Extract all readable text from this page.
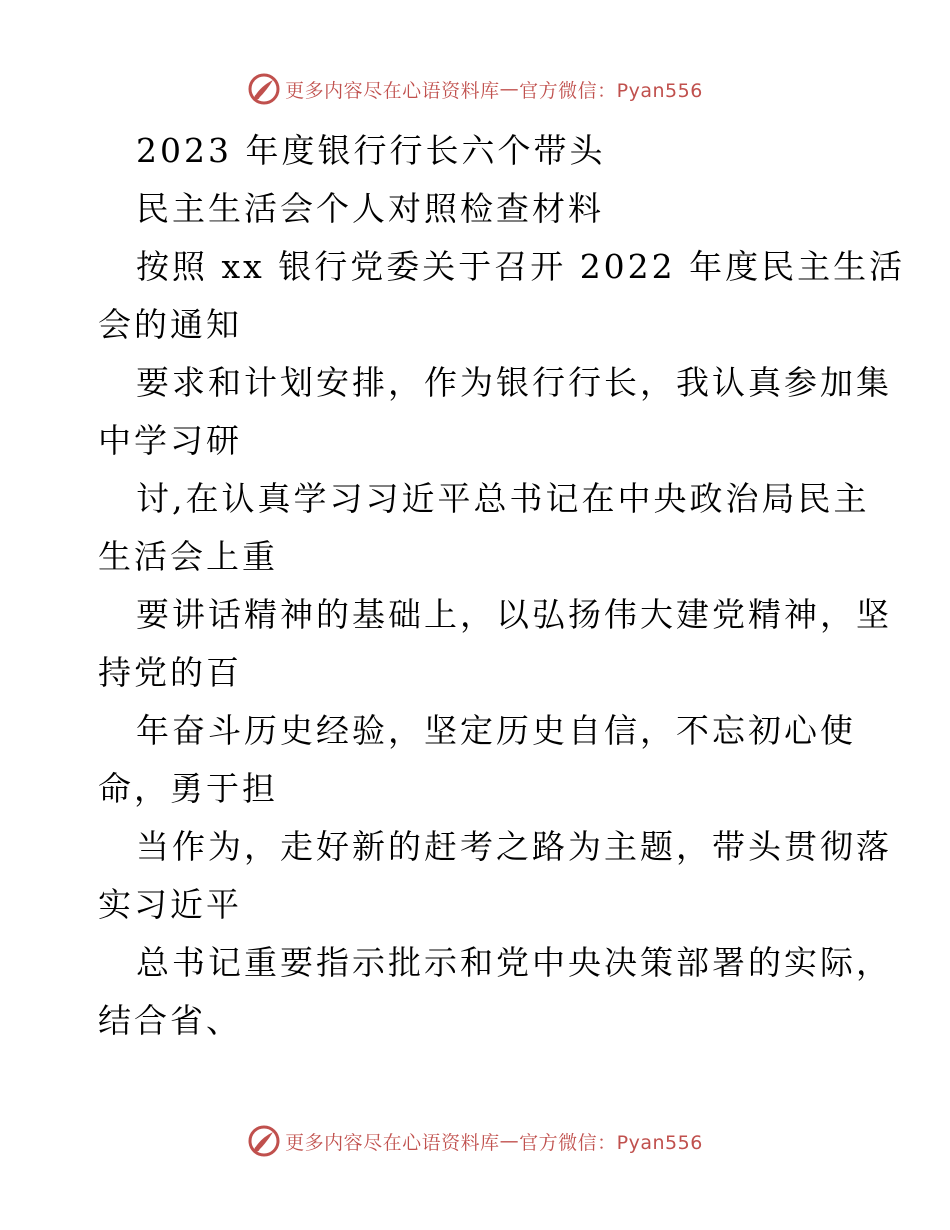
更多内容尽在心语资料库 — 官方微信：Pyan556
2023 年度银行行长六个带头
民主生活会个人对照检查材料
按照 xx 银行党委关于召开 2022 年度民主生活
会的通知
要求和计划安排，作为银行行长，我认真参加集
中学习研
讨,在认真学习习近平总书记在中央政治局民主
生活会上重
要讲话精神的基础上，以弘扬伟大建党精神，坚
持党的百
年奋斗历史经验，坚定历史自信，不忘初心使
命，勇于担
当作为，走好新的赶考之路为主题，带头贯彻落
实习近平
总书记重要指示批示和党中央决策部署的实际，
结合省、
更多内容尽在心语资料库 — 官方微信：Pyan556
